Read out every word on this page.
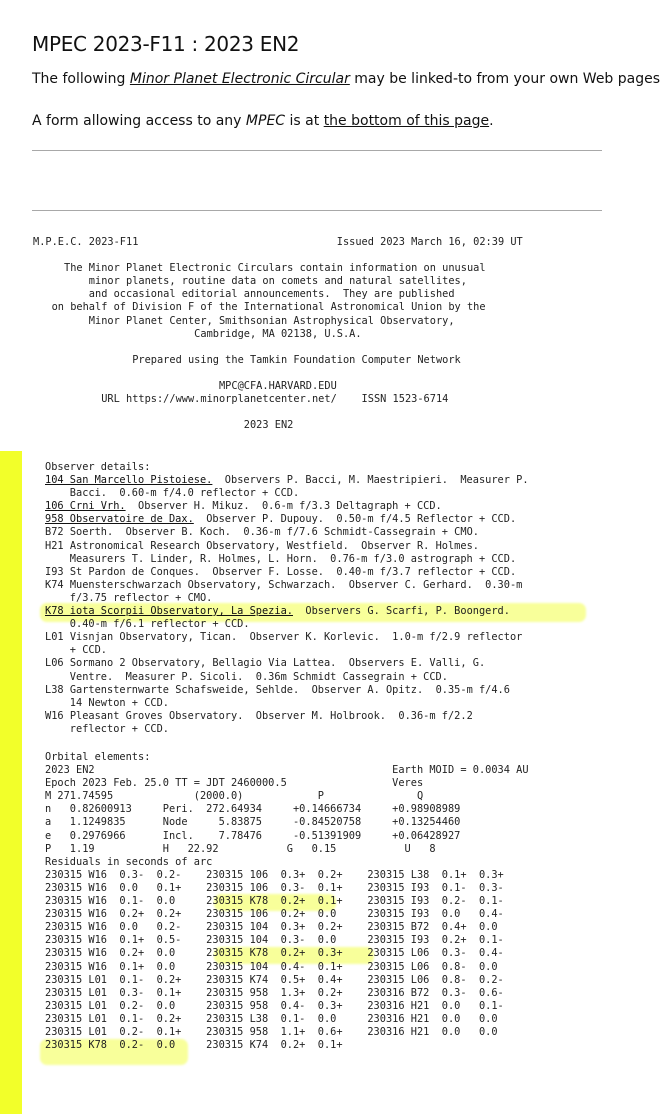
MPEC 2023-F11 : 2023 EN2

The following Minor Planet Electronic Circular may be linked-to from your own Web pages

A form allowing access to any MPEC is at the bottom of this page.

M.P.E.C. 2023-F11                                Issued 2023 March 16, 02:39 UT

The Minor Planet Electronic Circulars contain information on unusual
minor planets, routine data on comets and natural satellites,
and occasional editorial announcements.  They are published
on behalf of Division F of the International Astronomical Union by the
Minor Planet Center, Smithsonian Astrophysical Observatory,
Cambridge, MA 02138, U.S.A.

Prepared using the Tamkin Foundation Computer Network

MPC@CFA.HARVARD.EDU
URL https://www.minorplanetcenter.net/    ISSN 1523-6714

2023 EN2

Observer details:
104 San Marcello Pistoiese.  Observers P. Bacci, M. Maestripieri.  Measurer P.
Bacci.  0.60-m f/4.0 reflector + CCD.
106 Crni Vrh.  Observer H. Mikuz.  0.6-m f/3.3 Deltagraph + CCD.
958 Observatoire de Dax.  Observer P. Dupouy.  0.50-m f/4.5 Reflector + CCD.
B72 Soerth.  Observer B. Koch.  0.36-m f/7.6 Schmidt-Cassegrain + CMO.
H21 Astronomical Research Observatory, Westfield.  Observer R. Holmes.
Measurers T. Linder, R. Holmes, L. Horn.  0.76-m f/3.0 astrograph + CCD.
I93 St Pardon de Conques.  Observer F. Losse.  0.40-m f/3.7 reflector + CCD.
K74 Muensterschwarzach Observatory, Schwarzach.  Observer C. Gerhard.  0.30-m
f/3.75 reflector + CMO.
K78 iota Scorpii Observatory, La Spezia.  Observers G. Scarfi, P. Boongerd.
0.40-m f/6.1 reflector + CCD.
L01 Visnjan Observatory, Tican.  Observer K. Korlevic.  1.0-m f/2.9 reflector
+ CCD.
L06 Sormano 2 Observatory, Bellagio Via Lattea.  Observers E. Valli, G.
Ventre.  Measurer P. Sicoli.  0.36m Schmidt Cassegrain + CCD.
L38 Gartensternwarte Schafsweide, Sehlde.  Observer A. Opitz.  0.35-m f/4.6
14 Newton + CCD.
W16 Pleasant Groves Observatory.  Observer M. Holbrook.  0.36-m f/2.2
reflector + CCD.

Orbital elements:
2023 EN2                                                Earth MOID = 0.0034 AU
Epoch 2023 Feb. 25.0 TT = JDT 2460000.5                 Veres
M 271.74595             (2000.0)            P               Q
n   0.82600913     Peri.  272.64934     +0.14666734     +0.98908989
a   1.1249835      Node     5.83875     -0.84520758     +0.13254460
e   0.2976966      Incl.    7.78476     -0.51391909     +0.06428927
P   1.19           H   22.92           G   0.15           U   8
Residuals in seconds of arc
230315 W16  0.3-  0.2-    230315 106  0.3+  0.2+    230315 L38  0.1+  0.3+
230315 W16  0.0   0.1+    230315 106  0.3-  0.1+    230315 I93  0.1-  0.3-
230315 W16  0.1-  0.0     230315 K78  0.2+  0.1+    230315 I93  0.2-  0.1-
230315 W16  0.2+  0.2+    230315 106  0.2+  0.0     230315 I93  0.0   0.4-
230315 W16  0.0   0.2-    230315 104  0.3+  0.2+    230315 B72  0.4+  0.0
230315 W16  0.1+  0.5-    230315 104  0.3-  0.0     230315 I93  0.2+  0.1-
230315 W16  0.2+  0.0     230315 K78  0.2+  0.3+    230315 L06  0.3-  0.4-
230315 W16  0.1+  0.0     230315 104  0.4-  0.1+    230315 L06  0.8-  0.0
230315 L01  0.1-  0.2+    230315 K74  0.5+  0.4+    230315 L06  0.8-  0.2-
230315 L01  0.3-  0.1+    230315 958  1.3+  0.2+    230316 B72  0.3-  0.6-
230315 L01  0.2-  0.0     230315 958  0.4-  0.3+    230316 H21  0.0   0.1-
230315 L01  0.1-  0.2+    230315 L38  0.1-  0.0     230316 H21  0.0   0.0
230315 L01  0.2-  0.1+    230315 958  1.1+  0.6+    230316 H21  0.0   0.0
230315 K78  0.2-  0.0     230315 K74  0.2+  0.1+
